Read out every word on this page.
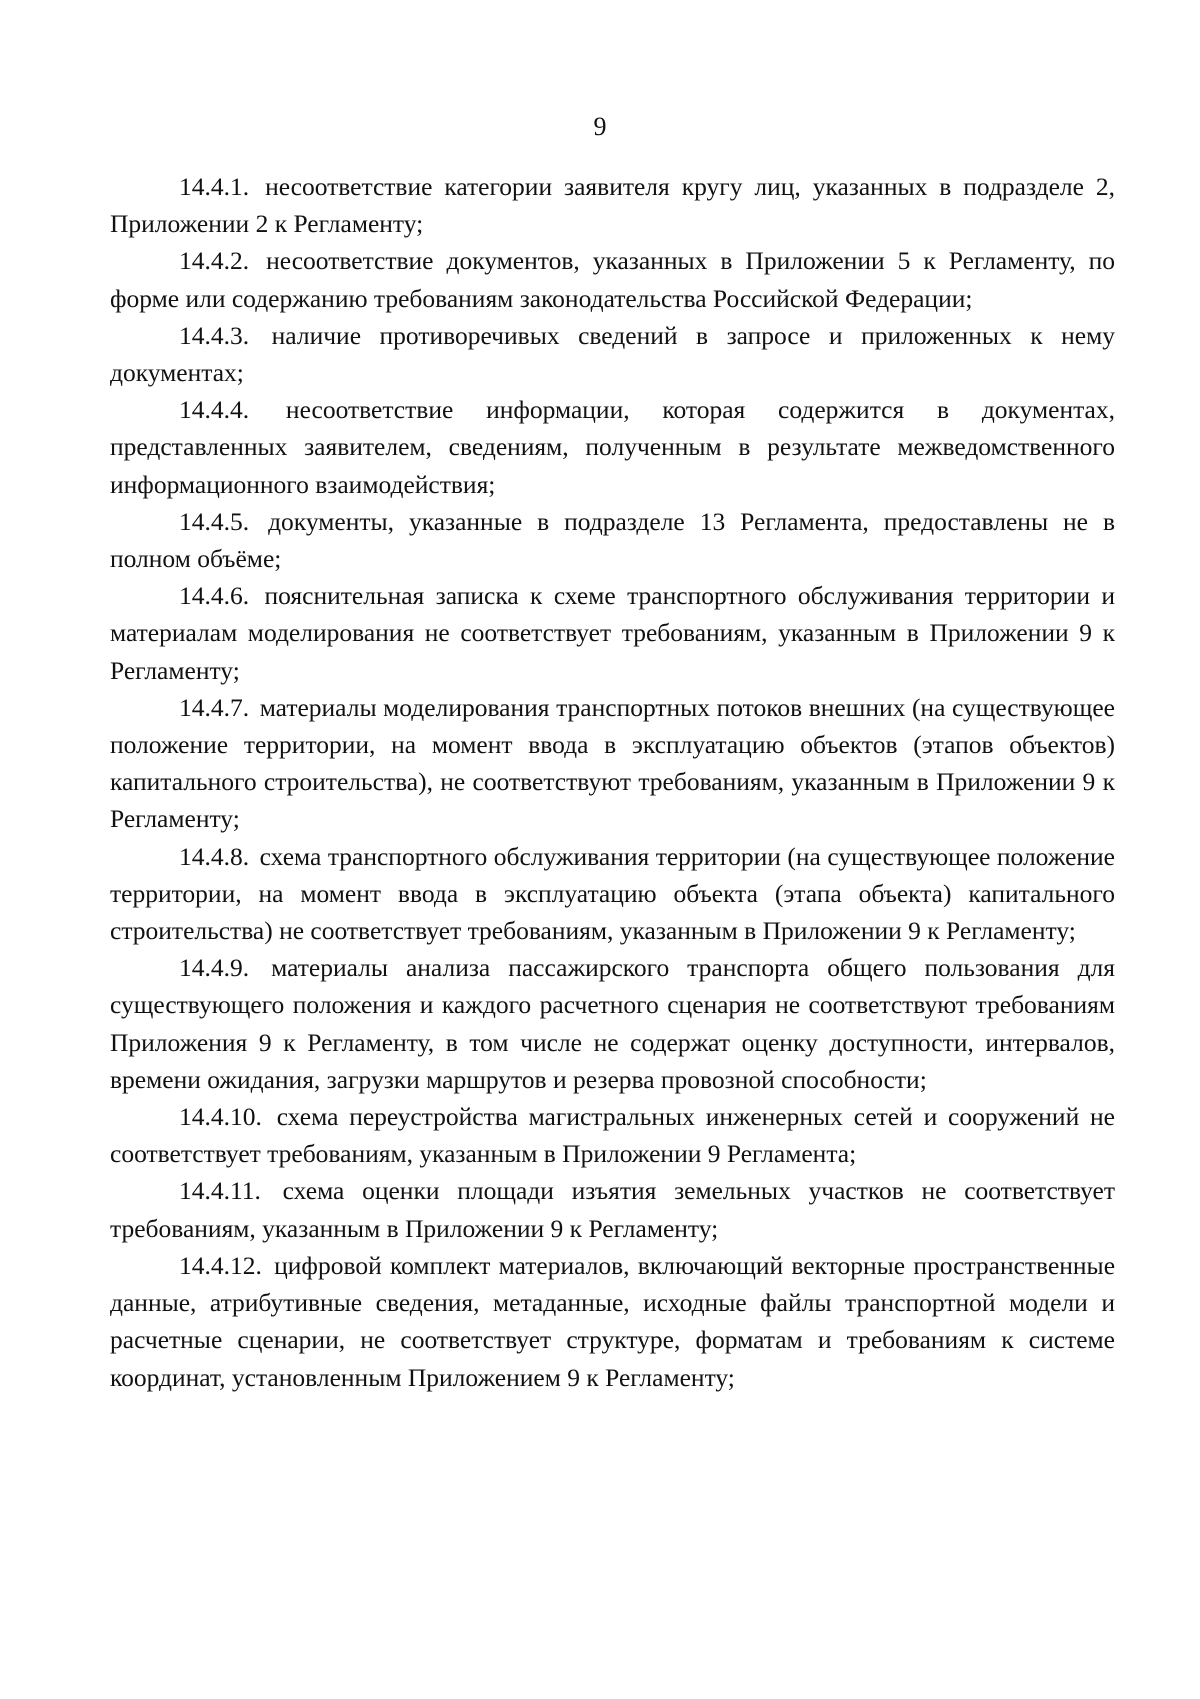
9

14.4.1. несоответствие категории заявителя кругу лиц, указанных в подразделе 2, Приложении 2 к Регламенту;

14.4.2. несоответствие документов, указанных в Приложении 5 к Регламенту, по форме или содержанию требованиям законодательства Российской Федерации;

14.4.3. наличие противоречивых сведений в запросе и приложенных к нему документах;

14.4.4. несоответствие информации, которая содержится в документах, представленных заявителем, сведениям, полученным в результате межведомственного информационного взаимодействия;

14.4.5. документы, указанные в подразделе 13 Регламента, предоставлены не в полном объёме;

14.4.6. пояснительная записка к схеме транспортного обслуживания территории и материалам моделирования не соответствует требованиям, указанным в Приложении 9 к Регламенту;

14.4.7. материалы моделирования транспортных потоков внешних (на существующее положение территории, на момент ввода в эксплуатацию объектов (этапов объектов) капитального строительства), не соответствуют требованиям, указанным в Приложении 9 к Регламенту;

14.4.8. схема транспортного обслуживания территории (на существующее положение территории, на момент ввода в эксплуатацию объекта (этапа объекта) капитального строительства) не соответствует требованиям, указанным в Приложении 9 к Регламенту;

14.4.9. материалы анализа пассажирского транспорта общего пользования для существующего положения и каждого расчетного сценария не соответствуют требованиям Приложения 9 к Регламенту, в том числе не содержат оценку доступности, интервалов, времени ожидания, загрузки маршрутов и резерва провозной способности;

14.4.10. схема переустройства магистральных инженерных сетей и сооружений не соответствует требованиям, указанным в Приложении 9 Регламента;

14.4.11. схема оценки площади изъятия земельных участков не соответствует требованиям, указанным в Приложении 9 к Регламенту;

14.4.12. цифровой комплект материалов, включающий векторные пространственные данные, атрибутивные сведения, метаданные, исходные файлы транспортной модели и расчетные сценарии, не соответствует структуре, форматам и требованиям к системе координат, установленным Приложением 9 к Регламенту;
